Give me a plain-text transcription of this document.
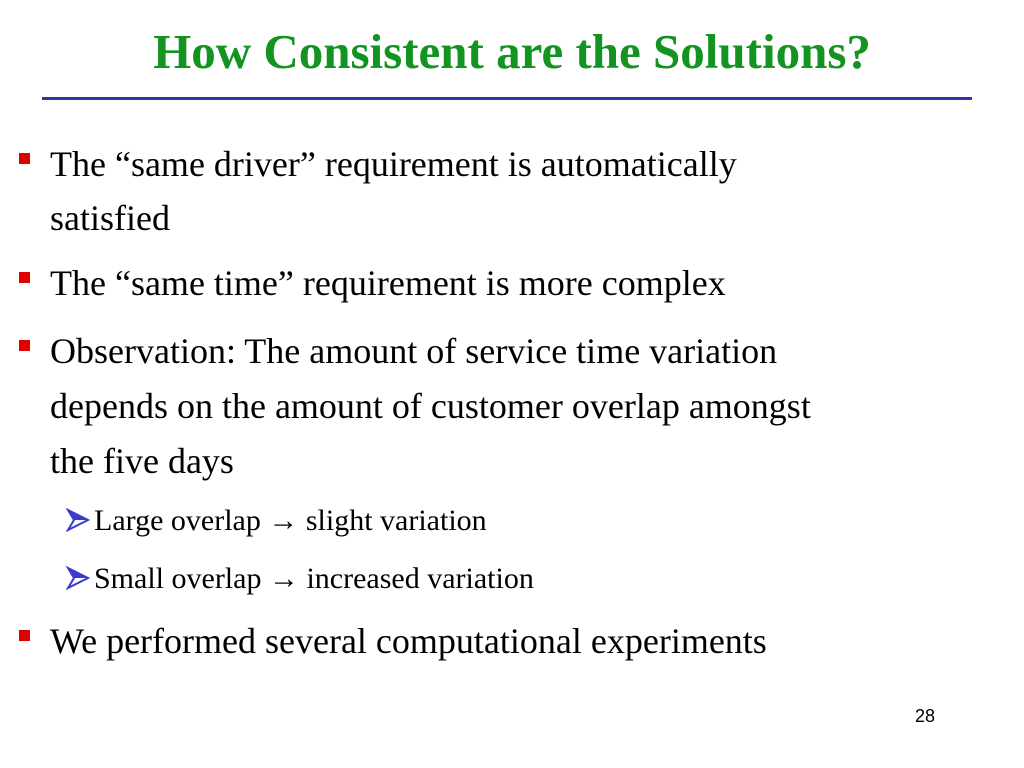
How Consistent are the Solutions?
The “same driver” requirement is automatically
satisfied
The “same time” requirement is more complex
Observation: The amount of service time variation
depends on the amount of customer overlap amongst
the five days
Large overlap → slight variation
Small overlap → increased variation
We performed several computational experiments
28
